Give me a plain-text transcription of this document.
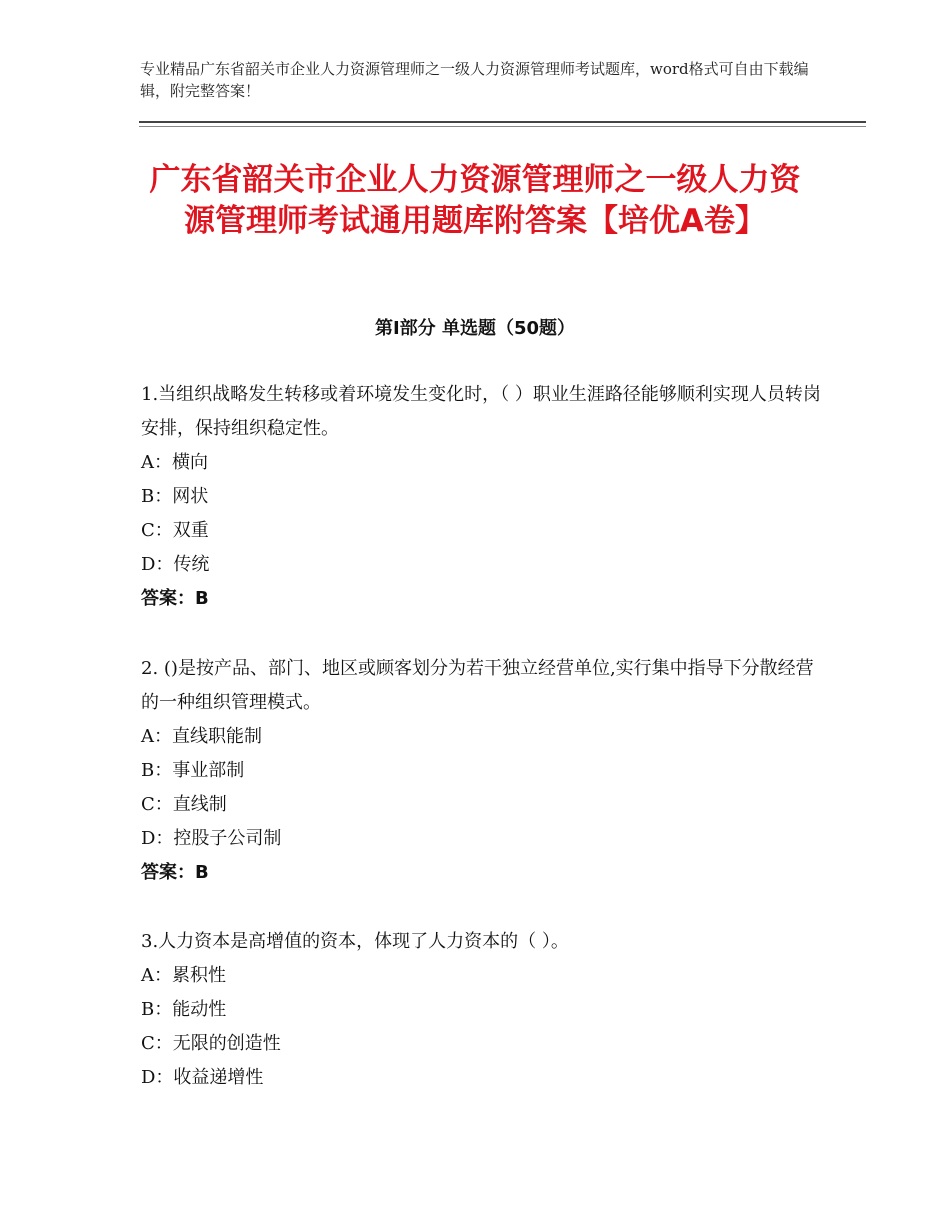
专业精品广东省韶关市企业人力资源管理师之一级人力资源管理师考试题库，word格式可自由下载编辑，附完整答案！
广东省韶关市企业人力资源管理师之一级人力资源管理师考试通用题库附答案【培优A卷】
第Ⅰ部分 单选题（50题）

1.当组织战略发生转移或着环境发生变化时，（ ）职业生涯路径能够顺利实现人员转岗安排，保持组织稳定性。

A：横向

B：网状

C：双重

D：传统

答案：B

2. ()是按产品、部门、地区或顾客划分为若干独立经营单位,实行集中指导下分散经营的一种组织管理模式。

A：直线职能制

B：事业部制

C：直线制

D：控股子公司制

答案：B

3.人力资本是高增值的资本，体现了人力资本的（ ）。

A：累积性

B：能动性

C：无限的创造性

D：收益递增性
